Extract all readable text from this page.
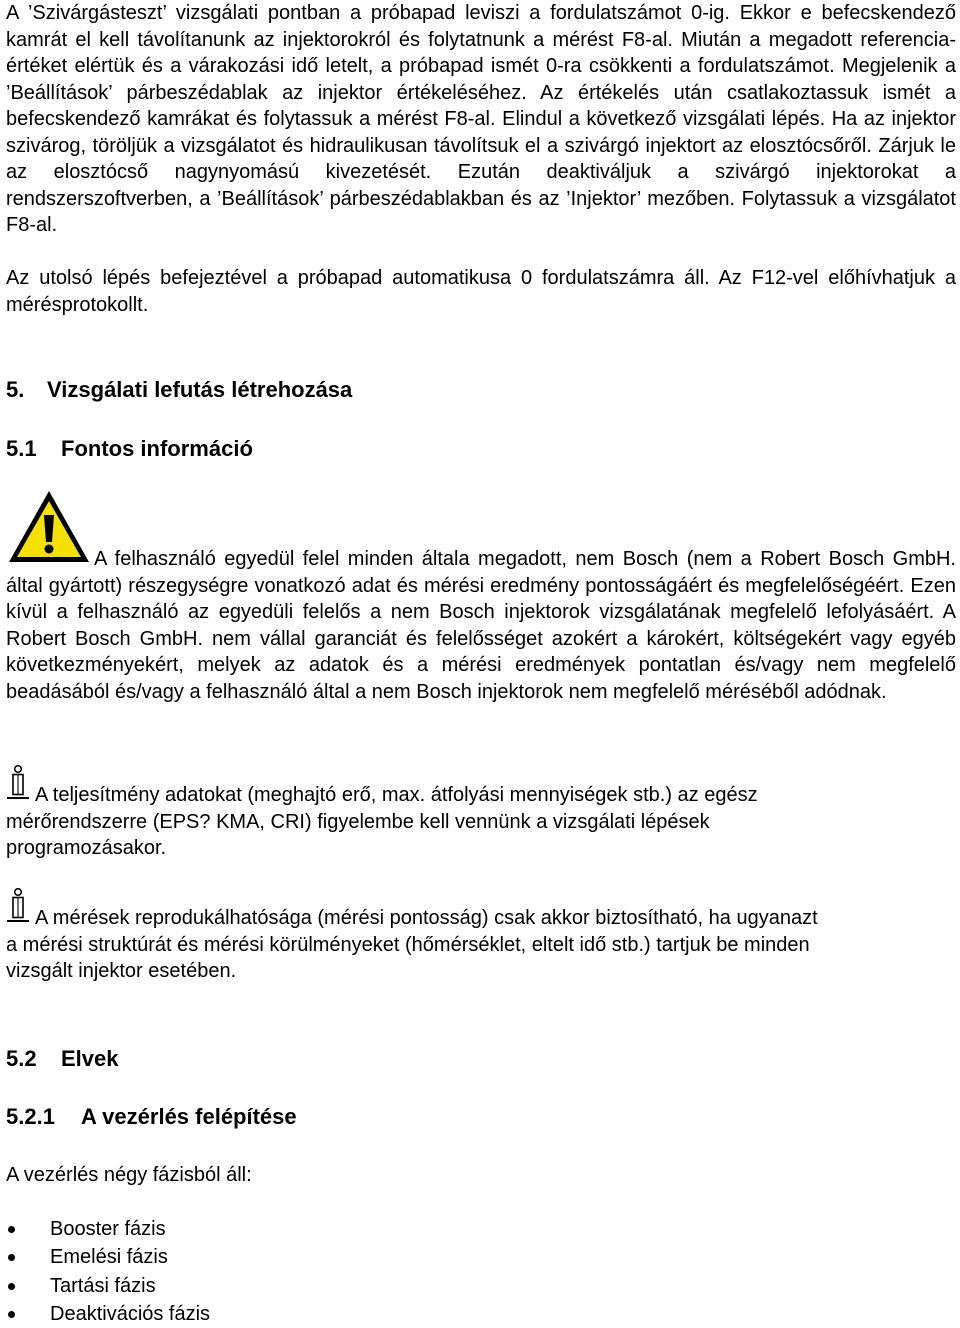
A ’Szivárgásteszt’ vizsgálati pontban a próbapad leviszi a fordulatszámot 0-ig. Ekkor e befecskendező kamrát el kell távolítanunk az injektorokról és folytatnunk a mérést F8-al. Miután a megadott referencia-értéket elértük és a várakozási idő letelt, a próbapad ismét 0-ra csökkenti a fordulatszámot. Megjelenik a ’Beállítások’ párbeszédablak az injektor értékeléséhez. Az értékelés után csatlakoztassuk ismét a befecskendező kamrákat és folytassuk a mérést F8-al. Elindul a következő vizsgálati lépés. Ha az injektor szivárog, töröljük a vizsgálatot és hidraulikusan távolítsuk el a szivárgó injektort az elosztócsőről. Zárjuk le az elosztócső nagynyomású kivezetését. Ezután deaktiváljuk a szivárgó injektorokat a rendszerszoftverben, a ’Beállítások’ párbeszédablakban és az ’Injektor’ mezőben. Folytassuk a vizsgálatot F8-al.

Az utolsó lépés befejeztével a próbapad automatikusa 0 fordulatszámra áll. Az F12-vel előhívhatjuk a mérésprotokollt.

5. Vizsgálati lefutás létrehozása
5.1 Fontos információ

A felhasználó egyedül felel minden általa megadott, nem Bosch (nem a Robert Bosch GmbH. által gyártott) részegységre vonatkozó adat és mérési eredmény pontosságáért és megfelelőségéért. Ezen kívül a felhasználó az egyedüli felelős a nem Bosch injektorok vizsgálatának megfelelő lefolyásáért. A Robert Bosch GmbH. nem vállal garanciát és felelősséget azokért a károkért, költségekért vagy egyéb következményekért, melyek az adatok és a mérési eredmények pontatlan és/vagy nem megfelelő beadásából és/vagy a felhasználó által a nem Bosch injektorok nem megfelelő méréséből adódnak.

A teljesítmény adatokat (meghajtó erő, max. átfolyási mennyiségek stb.) az egész
mérőrendszerre (EPS? KMA, CRI) figyelembe kell vennünk a vizsgálati lépések
programozásakor.
A mérések reprodukálhatósága (mérési pontosság) csak akkor biztosítható, ha ugyanazt
a mérési struktúrát és mérési körülményeket (hőmérséklet, eltelt idő stb.) tartjuk be minden
vizsgált injektor esetében.
5.2 Elvek
5.2.1 A vezérlés felépítése
A vezérlés négy fázisból áll:
Booster fázis
Emelési fázis
Tartási fázis
Deaktivációs fázis
